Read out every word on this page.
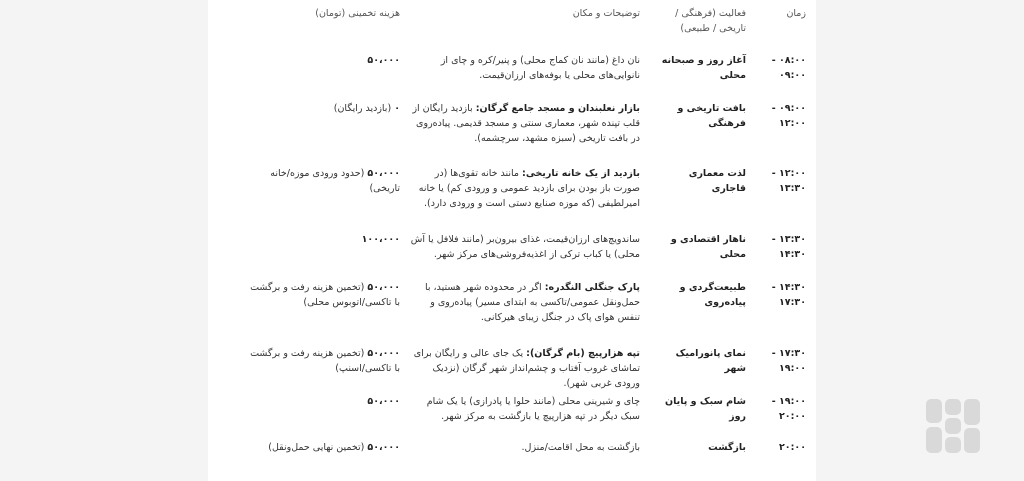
زمان
فعالیت (فرهنگی / تاریخی / طبیعی)
توضیحات و مکان
هزینه تخمینی (تومان)
۰۸:۰۰ - ۰۹:۰۰
آغاز روز و صبحانه محلی
نان داغ (مانند نان کماج محلی) و پنیر/کره و چای از نانوایی‌های محلی یا بوفه‌های ارزان‌قیمت.
۵۰،۰۰۰
۰۹:۰۰ - ۱۲:۰۰
بافت تاریخی و فرهنگی
بازار نعلبندان و مسجد جامع گرگان: بازدید رایگان از قلب تپنده شهر، معماری سنتی و مسجد قدیمی. پیاده‌روی در بافت تاریخی (سبزه مشهد، سرچشمه).
۰ (بازدید رایگان)
۱۲:۰۰ - ۱۳:۳۰
لذت معماری قاجاری
بازدید از یک خانه تاریخی: مانند خانه تقوی‌ها (در صورت باز بودن برای بازدید عمومی و ورودی کم) یا خانه امیرلطیفی (که موزه صنایع دستی است و ورودی دارد).
۵۰،۰۰۰ (حدود ورودی موزه/خانه تاریخی)
۱۳:۳۰ - ۱۴:۳۰
ناهار اقتصادی و محلی
ساندویچ‌های ارزان‌قیمت، غذای بیرون‌بر (مانند فلافل یا آش محلی) یا کباب ترکی از اغذیه‌فروشی‌های مرکز شهر.
۱۰۰،۰۰۰
۱۴:۳۰ - ۱۷:۳۰
طبیعت‌گردی و پیاده‌روی
پارک جنگلی النگدره: اگر در محدوده شهر هستید، با حمل‌ونقل عمومی/تاکسی به ابتدای مسیر) پیاده‌روی و تنفس هوای پاک در جنگل زیبای هیرکانی.
۵۰،۰۰۰ (تخمین هزینه رفت و برگشت با تاکسی/اتوبوس محلی)
۱۷:۳۰ - ۱۹:۰۰
نمای پانورامیک شهر
تپه هزارپیچ (بام گرگان): یک جای عالی و رایگان برای تماشای غروب آفتاب و چشم‌انداز شهر گرگان (نزدیک ورودی غربی شهر).
۵۰،۰۰۰ (تخمین هزینه رفت و برگشت با تاکسی/اسنپ)
۱۹:۰۰ - ۲۰:۰۰
شام سبک و پایان روز
چای و شیرینی محلی (مانند حلوا یا پادرازی) یا یک شام سبک دیگر در تپه هزارپیچ یا بازگشت به مرکز شهر.
۵۰،۰۰۰
۲۰:۰۰
بازگشت
بازگشت به محل اقامت/منزل.
۵۰،۰۰۰ (تخمین نهایی حمل‌ونقل)
